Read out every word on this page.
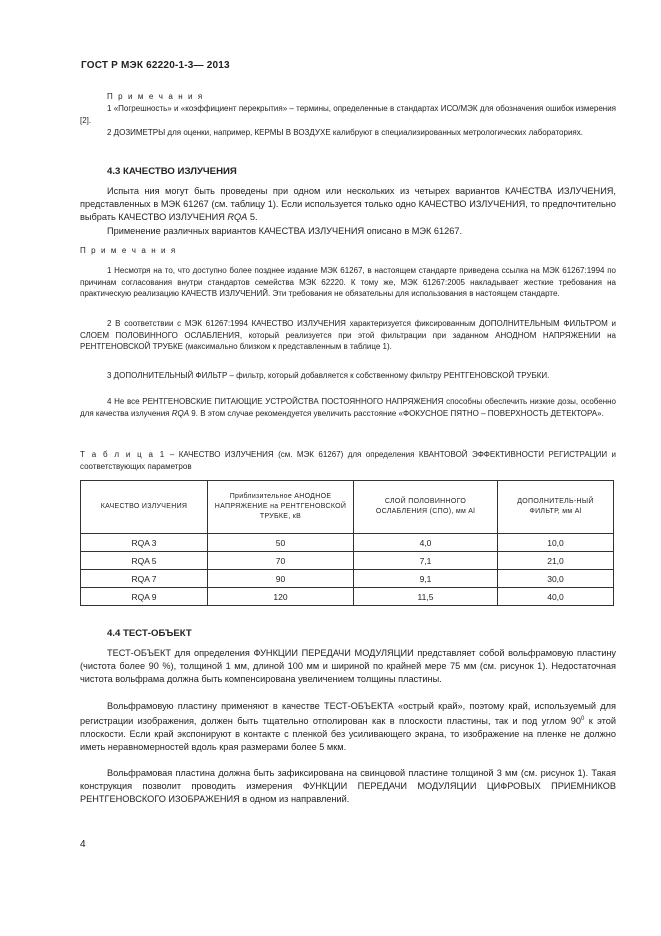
ГОСТ Р МЭК 62220-1-3— 2013
П р и м е ч а н и я
1 «Погрешность» и «коэффициент перекрытия» – термины, определенные в стандартах ИСО/МЭК для обозначения ошибок измерения [2].
2 ДОЗИМЕТРЫ для оценки, например, КЕРМЫ В ВОЗДУХЕ калибруют в специализированных метрологических лабораториях.
4.3 КАЧЕСТВО ИЗЛУЧЕНИЯ
Испыта ния могут быть проведены при одном или нескольких из четырех вариантов КАЧЕСТВА ИЗЛУЧЕНИЯ, представленных в МЭК 61267 (см. таблицу 1). Если используется только одно КАЧЕСТВО ИЗЛУЧЕНИЯ, то предпочтительно выбрать КАЧЕСТВО ИЗЛУЧЕНИЯ RQA 5.
Применение различных вариантов КАЧЕСТВА ИЗЛУЧЕНИЯ описано в МЭК 61267.
П р и м е ч а н и я
1 Несмотря на то, что доступно более позднее издание МЭК 61267, в настоящем стандарте приведена ссылка на МЭК 61267:1994 по причинам согласования внутри стандартов семейства МЭК 62220. К тому же, МЭК 61267:2005 накладывает жесткие требования на практическую реализацию КАЧЕСТВ ИЗЛУЧЕНИЙ. Эти требования не обязательны для использования в настоящем стандарте.
2 В соответствии с МЭК 61267:1994 КАЧЕСТВО ИЗЛУЧЕНИЯ характеризуется фиксированным ДОПОЛНИТЕЛЬНЫМ ФИЛЬТРОМ и СЛОЕМ ПОЛОВИННОГО ОСЛАБЛЕНИЯ, который реализуется при этой фильтрации при заданном АНОДНОМ НАПРЯЖЕНИИ на РЕНТГЕНОВСКОЙ ТРУБКЕ (максимально близком к представленным в таблице 1).
3 ДОПОЛНИТЕЛЬНЫЙ ФИЛЬТР – фильтр, который добавляется к собственному фильтру РЕНТГЕНОВСКОЙ ТРУБКИ.
4 Не все РЕНТГЕНОВСКИЕ ПИТАЮЩИЕ УСТРОЙСТВА ПОСТОЯННОГО НАПРЯЖЕНИЯ способны обеспечить низкие дозы, особенно для качества излучения RQA 9. В этом случае рекомендуется увеличить расстояние «ФОКУСНОЕ ПЯТНО – ПОВЕРХНОСТЬ ДЕТЕКТОРА».
Т а б л и ц а 1 – КАЧЕСТВО ИЗЛУЧЕНИЯ (см. МЭК 61267) для определения КВАНТОВОЙ ЭФФЕКТИВНОСТИ РЕГИСТРАЦИИ и соответствующих параметров
КАЧЕСТВО ИЗЛУЧЕНИЯ	Приблизительное АНОДНОЕ НАПРЯЖЕНИЕ на РЕНТГЕНОВСКОЙ ТРУБКЕ, кВ	СЛОЙ ПОЛОВИННОГО ОСЛАБЛЕНИЯ (СПО), мм Al	ДОПОЛНИТЕЛЬ-НЫЙ ФИЛЬТР, мм Al
RQA 3	50	4,0	10,0
RQA 5	70	7,1	21,0
RQA 7	90	9,1	30,0
RQA 9	120	11,5	40,0
4.4 ТЕСТ-ОБЪЕКТ
ТЕСТ-ОБЪЕКТ для определения ФУНКЦИИ ПЕРЕДАЧИ МОДУЛЯЦИИ представляет собой вольфрамовую пластину (чистота более 90 %), толщиной 1 мм, длиной 100 мм и шириной по крайней мере 75 мм (см. рисунок 1). Недостаточная чистота вольфрама должна быть компенсирована увеличением толщины пластины.
Вольфрамовую пластину применяют в качестве ТЕСТ-ОБЪЕКТА «острый край», поэтому край, используемый для регистрации изображения, должен быть тщательно отполирован как в плоскости пластины, так и под углом $90^0$ к этой плоскости. Если край экспонируют в контакте с пленкой без усиливающего экрана, то изображение на пленке не должно иметь неравномерностей вдоль края размерами более 5 мкм.
Вольфрамовая пластина должна быть зафиксирована на свинцовой пластине толщиной 3 мм (см. рисунок 1). Такая конструкция позволит проводить измерения ФУНКЦИИ ПЕРЕДАЧИ МОДУЛЯЦИИ ЦИФРОВЫХ ПРИЕМНИКОВ РЕНТГЕНОВСКОГО ИЗОБРАЖЕНИЯ в одном из направлений.
4
